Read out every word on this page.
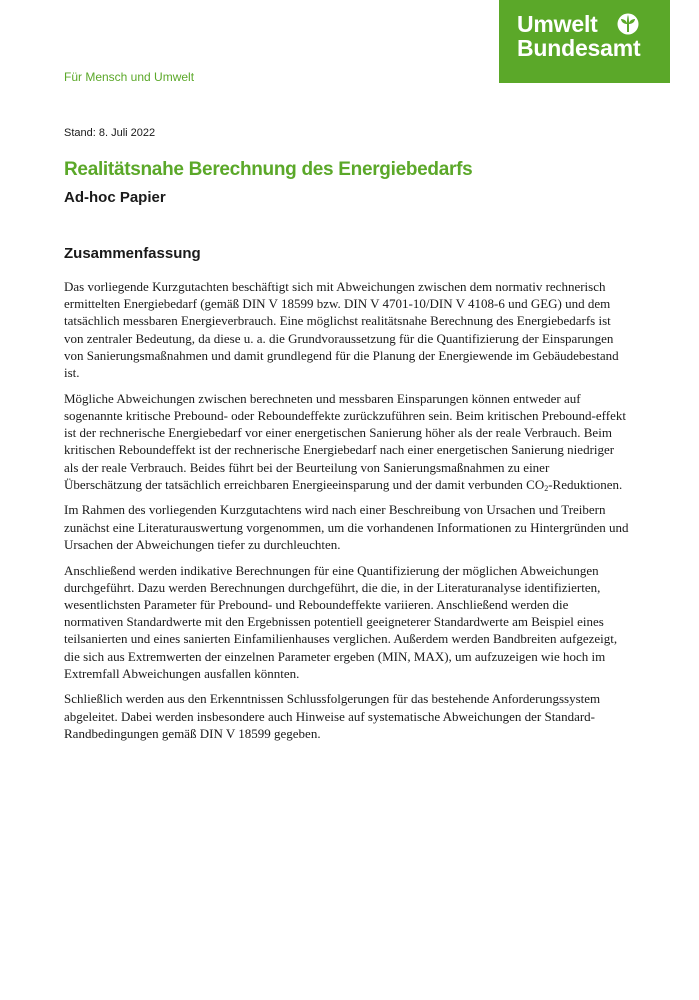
Umwelt
Bundesamt
Für Mensch und Umwelt
Stand: 8. Juli 2022
Realitätsnahe Berechnung des Energiebedarfs
Ad-hoc Papier
Zusammenfassung

Das vorliegende Kurzgutachten beschäftigt sich mit Abweichungen zwischen dem normativ rechnerisch ermittelten Energiebedarf (gemäß DIN V 18599 bzw. DIN V 4701-10/DIN V 4108-6 und GEG) und dem tatsächlich messbaren Energieverbrauch. Eine möglichst realitätsnahe Berechnung des Energiebedarfs ist von zentraler Bedeutung, da diese u. a. die Grundvoraussetzung für die Quantifizierung der Einsparungen von Sanierungsmaßnahmen und damit grundlegend für die Planung der Energiewende im Gebäudebestand ist.

Mögliche Abweichungen zwischen berechneten und messbaren Einsparungen können entweder auf sogenannte kritische Prebound- oder Reboundeffekte zurückzuführen sein. Beim kritischen Prebound-effekt ist der rechnerische Energiebedarf vor einer energetischen Sanierung höher als der reale Verbrauch. Beim kritischen Reboundeffekt ist der rechnerische Energiebedarf nach einer energetischen Sanierung niedriger als der reale Verbrauch. Beides führt bei der Beurteilung von Sanierungsmaßnahmen zu einer Überschätzung der tatsächlich erreichbaren Energieeinsparung und der damit verbunden $CO_2$-Reduktionen.

Im Rahmen des vorliegenden Kurzgutachtens wird nach einer Beschreibung von Ursachen und Treibern zunächst eine Literaturauswertung vorgenommen, um die vorhandenen Informationen zu Hintergründen und Ursachen der Abweichungen tiefer zu durchleuchten.

Anschließend werden indikative Berechnungen für eine Quantifizierung der möglichen Abweichungen durchgeführt. Dazu werden Berechnungen durchgeführt, die die, in der Literaturanalyse identifizierten, wesentlichsten Parameter für Prebound- und Reboundeffekte variieren. Anschließend werden die normativen Standardwerte mit den Ergebnissen potentiell geeigneterer Standardwerte am Beispiel eines teilsanierten und eines sanierten Einfamilienhauses verglichen. Außerdem werden Bandbreiten aufgezeigt, die sich aus Extremwerten der einzelnen Parameter ergeben (MIN, MAX), um aufzuzeigen wie hoch im Extremfall Abweichungen ausfallen könnten.

Schließlich werden aus den Erkenntnissen Schlussfolgerungen für das bestehende Anforderungssystem abgeleitet. Dabei werden insbesondere auch Hinweise auf systematische Abweichungen der Standard-Randbedingungen gemäß DIN V 18599 gegeben.
